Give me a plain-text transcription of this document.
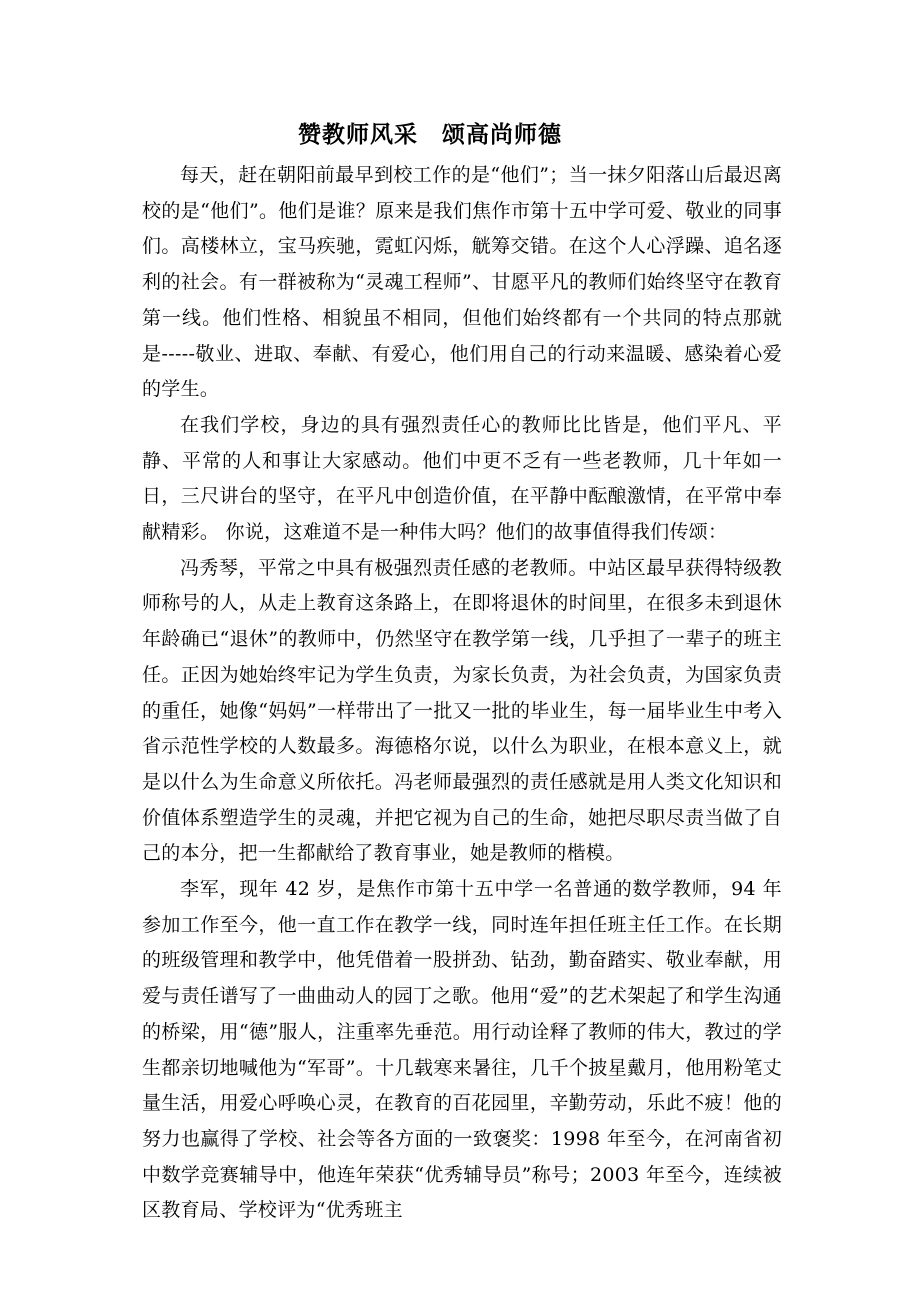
赞教师风采　颂高尚师德

每天，赶在朝阳前最早到校工作的是“他们”；当一抹夕阳落山后最迟离校的是“他们”。他们是谁？原来是我们焦作市第十五中学可爱、敬业的同事们。高楼林立，宝马疾驰，霓虹闪烁，觥筹交错。在这个人心浮躁、追名逐利的社会。有一群被称为“灵魂工程师”、甘愿平凡的教师们始终坚守在教育第一线。他们性格、相貌虽不相同，但他们始终都有一个共同的特点那就是-----敬业、进取、奉献、有爱心，他们用自己的行动来温暖、感染着心爱的学生。

在我们学校，身边的具有强烈责任心的教师比比皆是，他们平凡、平静、平常的人和事让大家感动。他们中更不乏有一些老教师，几十年如一日，三尺讲台的坚守，在平凡中创造价值，在平静中酝酿激情，在平常中奉献精彩。 你说，这难道不是一种伟大吗？他们的故事值得我们传颂：

冯秀琴，平常之中具有极强烈责任感的老教师。中站区最早获得特级教师称号的人，从走上教育这条路上，在即将退休的时间里，在很多未到退休年龄确已“退休”的教师中，仍然坚守在教学第一线，几乎担了一辈子的班主任。正因为她始终牢记为学生负责，为家长负责，为社会负责，为国家负责的重任，她像“妈妈”一样带出了一批又一批的毕业生，每一届毕业生中考入省示范性学校的人数最多。海德格尔说，以什么为职业，在根本意义上，就是以什么为生命意义所依托。冯老师最强烈的责任感就是用人类文化知识和价值体系塑造学生的灵魂，并把它视为自己的生命，她把尽职尽责当做了自己的本分，把一生都献给了教育事业，她是教师的楷模。

李军，现年 42 岁，是焦作市第十五中学一名普通的数学教师，94 年参加工作至今，他一直工作在教学一线，同时连年担任班主任工作。在长期的班级管理和教学中，他凭借着一股拼劲、钻劲，勤奋踏实、敬业奉献，用爱与责任谱写了一曲曲动人的园丁之歌。他用“爱”的艺术架起了和学生沟通的桥梁，用“德”服人，注重率先垂范。用行动诠释了教师的伟大，教过的学生都亲切地喊他为“军哥”。十几载寒来暑往，几千个披星戴月，他用粉笔丈量生活，用爱心呼唤心灵，在教育的百花园里，辛勤劳动，乐此不疲！他的努力也赢得了学校、社会等各方面的一致褒奖：1998 年至今，在河南省初中数学竞赛辅导中，他连年荣获“优秀辅导员”称号；2003 年至今，连续被区教育局、学校评为“优秀班主
